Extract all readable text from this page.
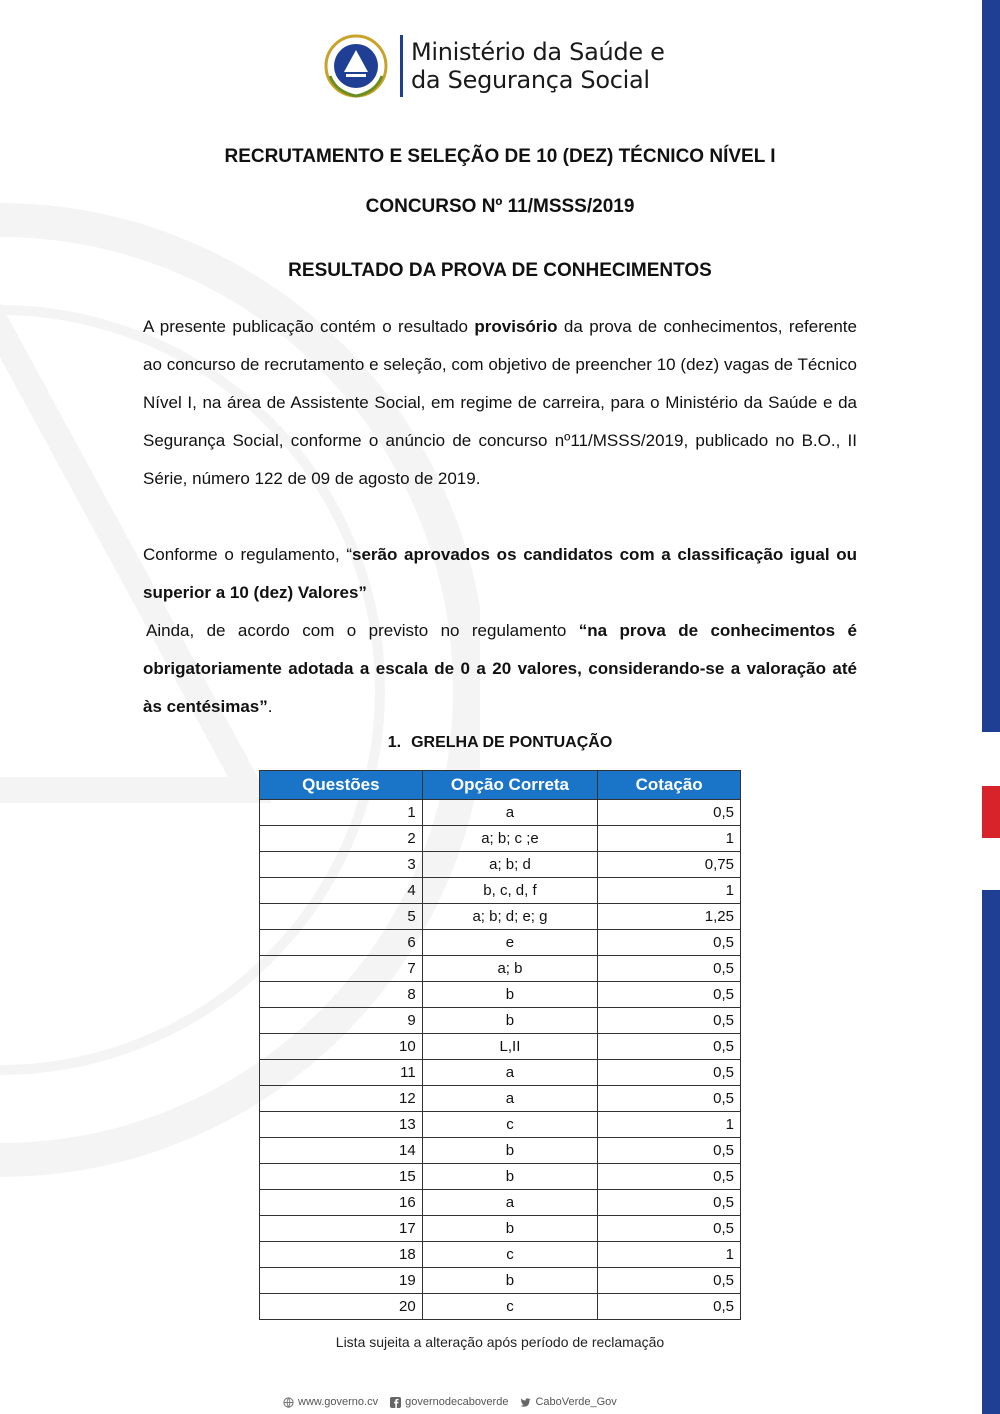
Ministério da Saúde e
da Segurança Social
RECRUTAMENTO E SELEÇÃO DE 10 (DEZ) TÉCNICO NÍVEL I
CONCURSO Nº 11/MSSS/2019
RESULTADO DA PROVA DE CONHECIMENTOS
A presente publicação contém o resultado provisório da prova de conhecimentos, referente ao concurso de recrutamento e seleção, com objetivo de preencher 10 (dez) vagas de Técnico Nível I, na área de Assistente Social, em regime de carreira, para o Ministério da Saúde e da Segurança Social, conforme o anúncio de concurso nº11/MSSS/2019, publicado no B.O., II Série, número 122 de 09 de agosto de 2019.
Conforme o regulamento, “serão aprovados os candidatos com a classificação igual ou superior a 10 (dez) Valores”
Ainda, de acordo com o previsto no regulamento “na prova de conhecimentos é obrigatoriamente adotada a escala de 0 a 20 valores, considerando-se a valoração até às centésimas”.
1. GRELHA DE PONTUAÇÃO
Questões	Opção Correta	Cotação
1	a	0,5
2	a; b; c ;e	1
3	a; b; d	0,75
4	b, c, d, f	1
5	a; b; d; e; g	1,25
6	e	0,5
7	a; b	0,5
8	b	0,5
9	b	0,5
10	L,II	0,5
11	a	0,5
12	a	0,5
13	c	1
14	b	0,5
15	b	0,5
16	a	0,5
17	b	0,5
18	c	1
19	b	0,5
20	c	0,5
Lista sujeita a alteração após período de reclamação
www.governo.cv governodecaboverde CaboVerde_Gov
